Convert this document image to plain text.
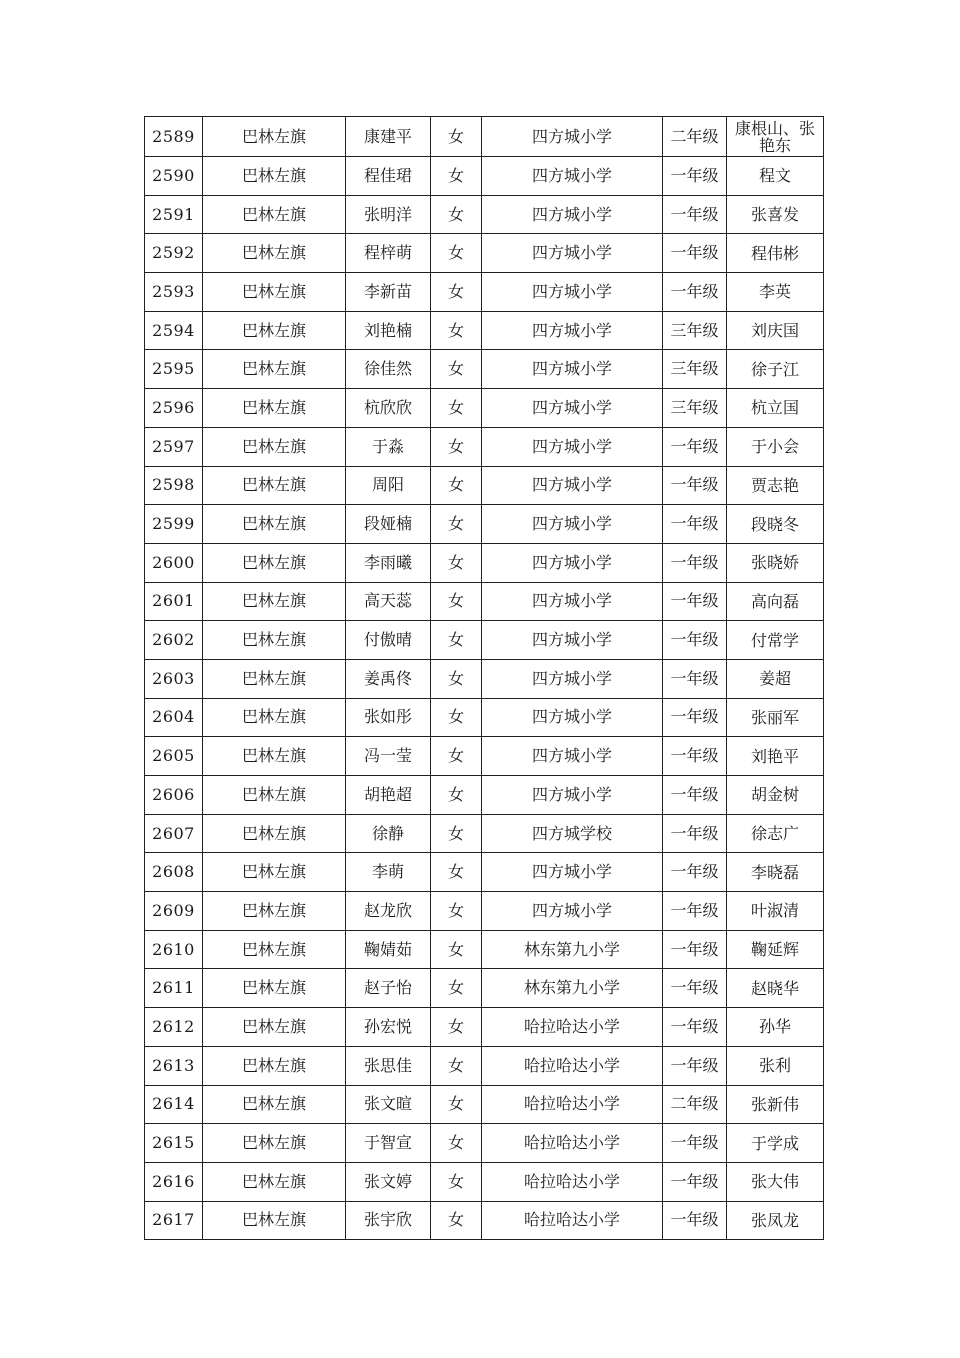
2589	巴林左旗	康建平	女	四方城小学	二年级	康根山、张艳东
2590	巴林左旗	程佳珺	女	四方城小学	一年级	程文
2591	巴林左旗	张明洋	女	四方城小学	一年级	张喜发
2592	巴林左旗	程梓萌	女	四方城小学	一年级	程伟彬
2593	巴林左旗	李新苗	女	四方城小学	一年级	李英
2594	巴林左旗	刘艳楠	女	四方城小学	三年级	刘庆国
2595	巴林左旗	徐佳然	女	四方城小学	三年级	徐子江
2596	巴林左旗	杭欣欣	女	四方城小学	三年级	杭立国
2597	巴林左旗	于淼	女	四方城小学	一年级	于小会
2598	巴林左旗	周阳	女	四方城小学	一年级	贾志艳
2599	巴林左旗	段娅楠	女	四方城小学	一年级	段晓冬
2600	巴林左旗	李雨曦	女	四方城小学	一年级	张晓娇
2601	巴林左旗	高天蕊	女	四方城小学	一年级	高向磊
2602	巴林左旗	付傲晴	女	四方城小学	一年级	付常学
2603	巴林左旗	姜禹佟	女	四方城小学	一年级	姜超
2604	巴林左旗	张如彤	女	四方城小学	一年级	张丽军
2605	巴林左旗	冯一莹	女	四方城小学	一年级	刘艳平
2606	巴林左旗	胡艳超	女	四方城小学	一年级	胡金树
2607	巴林左旗	徐静	女	四方城学校	一年级	徐志广
2608	巴林左旗	李萌	女	四方城小学	一年级	李晓磊
2609	巴林左旗	赵龙欣	女	四方城小学	一年级	叶淑清
2610	巴林左旗	鞠婧茹	女	林东第九小学	一年级	鞠延辉
2611	巴林左旗	赵子怡	女	林东第九小学	一年级	赵晓华
2612	巴林左旗	孙宏悦	女	哈拉哈达小学	一年级	孙华
2613	巴林左旗	张思佳	女	哈拉哈达小学	一年级	张利
2614	巴林左旗	张文暄	女	哈拉哈达小学	二年级	张新伟
2615	巴林左旗	于智宣	女	哈拉哈达小学	一年级	于学成
2616	巴林左旗	张文婷	女	哈拉哈达小学	一年级	张大伟
2617	巴林左旗	张宇欣	女	哈拉哈达小学	一年级	张凤龙
